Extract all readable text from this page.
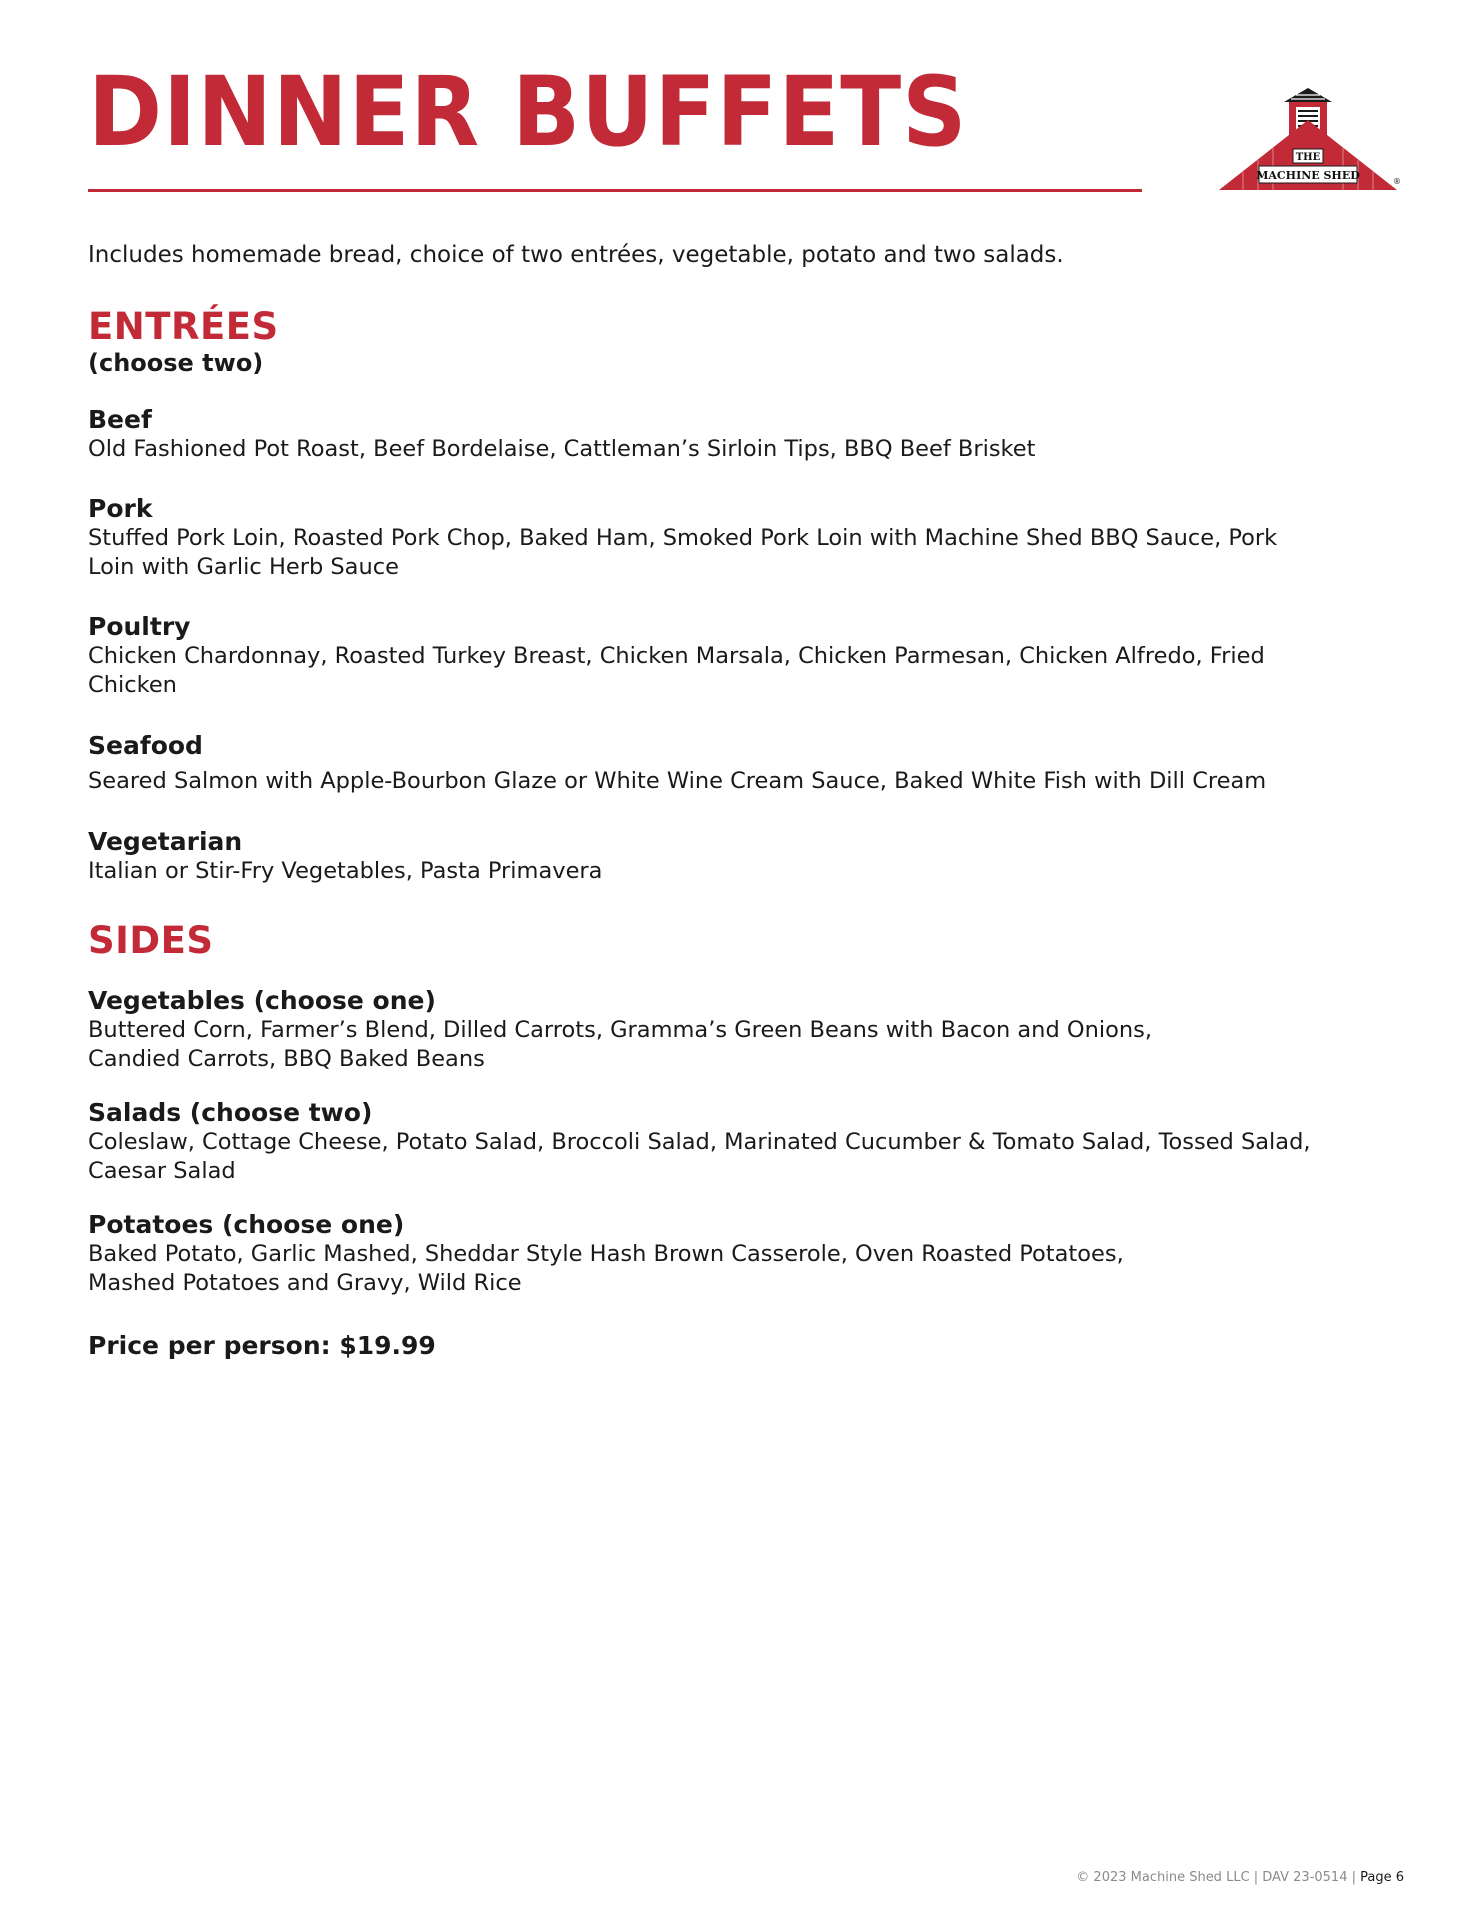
DINNER BUFFETS	THE
MACHINE SHED	®

Includes homemade bread, choice of two entrées, vegetable, potato and two salads.

ENTRÉES

(choose two)

Beef

Old Fashioned Pot Roast, Beef Bordelaise, Cattleman’s Sirloin Tips, BBQ Beef Brisket

Pork

Stuffed Pork Loin, Roasted Pork Chop, Baked Ham, Smoked Pork Loin with Machine Shed BBQ Sauce, Pork Loin with Garlic Herb Sauce

Poultry

Chicken Chardonnay, Roasted Turkey Breast, Chicken Marsala, Chicken Parmesan, Chicken Alfredo, Fried Chicken

Seafood

Seared Salmon with Apple-Bourbon Glaze or White Wine Cream Sauce, Baked White Fish with Dill Cream

Vegetarian

Italian or Stir-Fry Vegetables, Pasta Primavera

SIDES

Vegetables (choose one)

Buttered Corn, Farmer’s Blend, Dilled Carrots, Gramma’s Green Beans with Bacon and Onions, Candied Carrots, BBQ Baked Beans

Salads (choose two)

Coleslaw, Cottage Cheese, Potato Salad, Broccoli Salad, Marinated Cucumber & Tomato Salad, Tossed Salad, Caesar Salad

Potatoes (choose one)

Baked Potato, Garlic Mashed, Sheddar Style Hash Brown Casserole, Oven Roasted Potatoes, Mashed Potatoes and Gravy, Wild Rice

Price per person: $19.99

© 2023 Machine Shed LLC | DAV 23-0514 | Page 6
